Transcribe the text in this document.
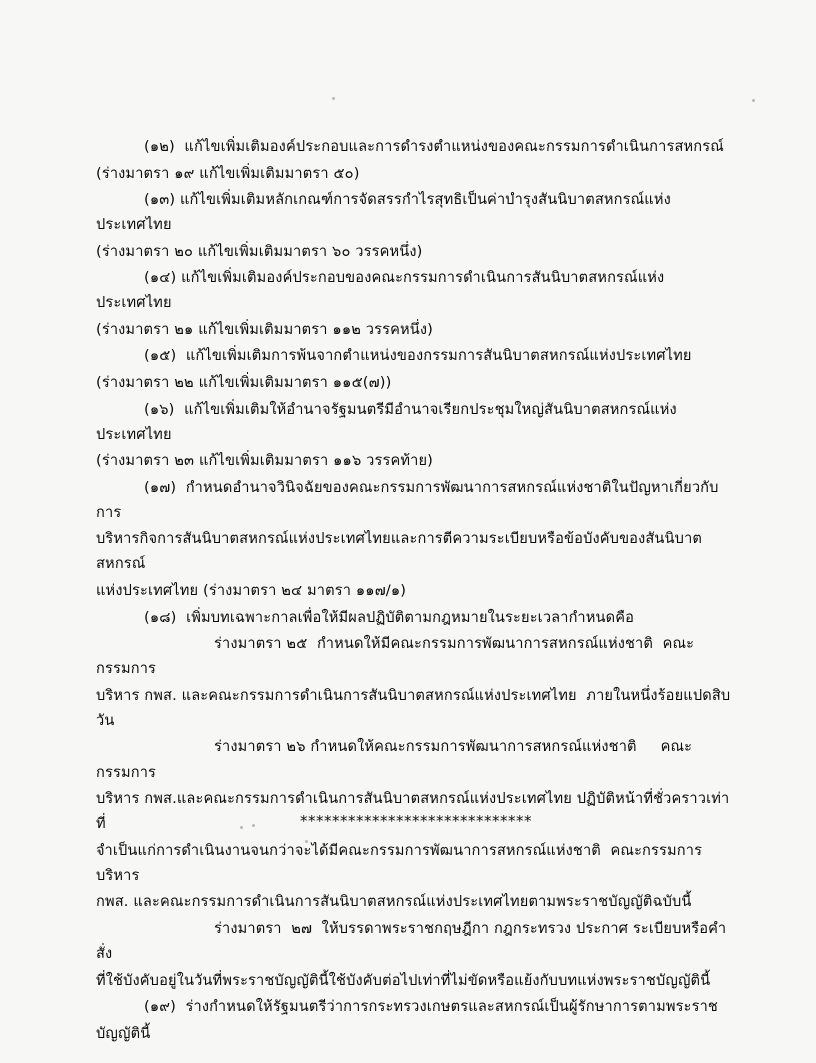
(๑๒)  แก้ไขเพิ่มเติมองค์ประกอบและการดำรงตำแหน่งของคณะกรรมการดำเนินการสหกรณ์

(ร่างมาตรา ๑๙ แก้ไขเพิ่มเติมมาตรา ๕๐)

(๑๓) แก้ไขเพิ่มเติมหลักเกณฑ์การจัดสรรกำไรสุทธิเป็นค่าบำรุงสันนิบาตสหกรณ์แห่งประเทศไทย

(ร่างมาตรา ๒๐ แก้ไขเพิ่มเติมมาตรา ๖๐ วรรคหนึ่ง)

(๑๔) แก้ไขเพิ่มเติมองค์ประกอบของคณะกรรมการดำเนินการสันนิบาตสหกรณ์แห่งประเทศไทย

(ร่างมาตรา ๒๑ แก้ไขเพิ่มเติมมาตรา ๑๑๒ วรรคหนึ่ง)

(๑๕)  แก้ไขเพิ่มเติมการพ้นจากตำแหน่งของกรรมการสันนิบาตสหกรณ์แห่งประเทศไทย

(ร่างมาตรา ๒๒ แก้ไขเพิ่มเติมมาตรา ๑๑๕(๗))

(๑๖)  แก้ไขเพิ่มเติมให้อำนาจรัฐมนตรีมีอำนาจเรียกประชุมใหญ่สันนิบาตสหกรณ์แห่งประเทศไทย

(ร่างมาตรา ๒๓ แก้ไขเพิ่มเติมมาตรา ๑๑๖ วรรคท้าย)

(๑๗)  กำหนดอำนาจวินิจฉัยของคณะกรรมการพัฒนาการสหกรณ์แห่งชาติในปัญหาเกี่ยวกับการ

บริหารกิจการสันนิบาตสหกรณ์แห่งประเทศไทยและการตีความระเบียบหรือข้อบังคับของสันนิบาตสหกรณ์

แห่งประเทศไทย (ร่างมาตรา ๒๔ มาตรา ๑๑๗/๑)

(๑๘)  เพิ่มบทเฉพาะกาลเพื่อให้มีผลปฏิบัติตามกฎหมายในระยะเวลากำหนดคือ

ร่างมาตรา ๒๕  กำหนดให้มีคณะกรรมการพัฒนาการสหกรณ์แห่งชาติ  คณะกรรมการ

บริหาร กพส. และคณะกรรมการดำเนินการสันนิบาตสหกรณ์แห่งประเทศไทย  ภายในหนึ่งร้อยแปดสิบวัน

ร่างมาตรา ๒๖ กำหนดให้คณะกรรมการพัฒนาการสหกรณ์แห่งชาติ     คณะกรรมการ

บริหาร กพส.และคณะกรรมการดำเนินการสันนิบาตสหกรณ์แห่งประเทศไทย ปฏิบัติหน้าที่ชั่วคราวเท่าที่

จำเป็นแก่การดำเนินงานจนกว่าจะได้มีคณะกรรมการพัฒนาการสหกรณ์แห่งชาติ  คณะกรรมการบริหาร

กพส. และคณะกรรมการดำเนินการสันนิบาตสหกรณ์แห่งประเทศไทยตามพระราชบัญญัติฉบับนี้

ร่างมาตรา  ๒๗  ให้บรรดาพระราชกฤษฎีกา กฎกระทรวง ประกาศ ระเบียบหรือคำสั่ง

ที่ใช้บังคับอยู่ในวันที่พระราชบัญญัตินี้ใช้บังคับต่อไปเท่าที่ไม่ขัดหรือแย้งกับบทแห่งพระราชบัญญัตินี้

(๑๙)  ร่างกำหนดให้รัฐมนตรีว่าการกระทรวงเกษตรและสหกรณ์เป็นผู้รักษาการตามพระราช

บัญญัตินี้

*****************************
